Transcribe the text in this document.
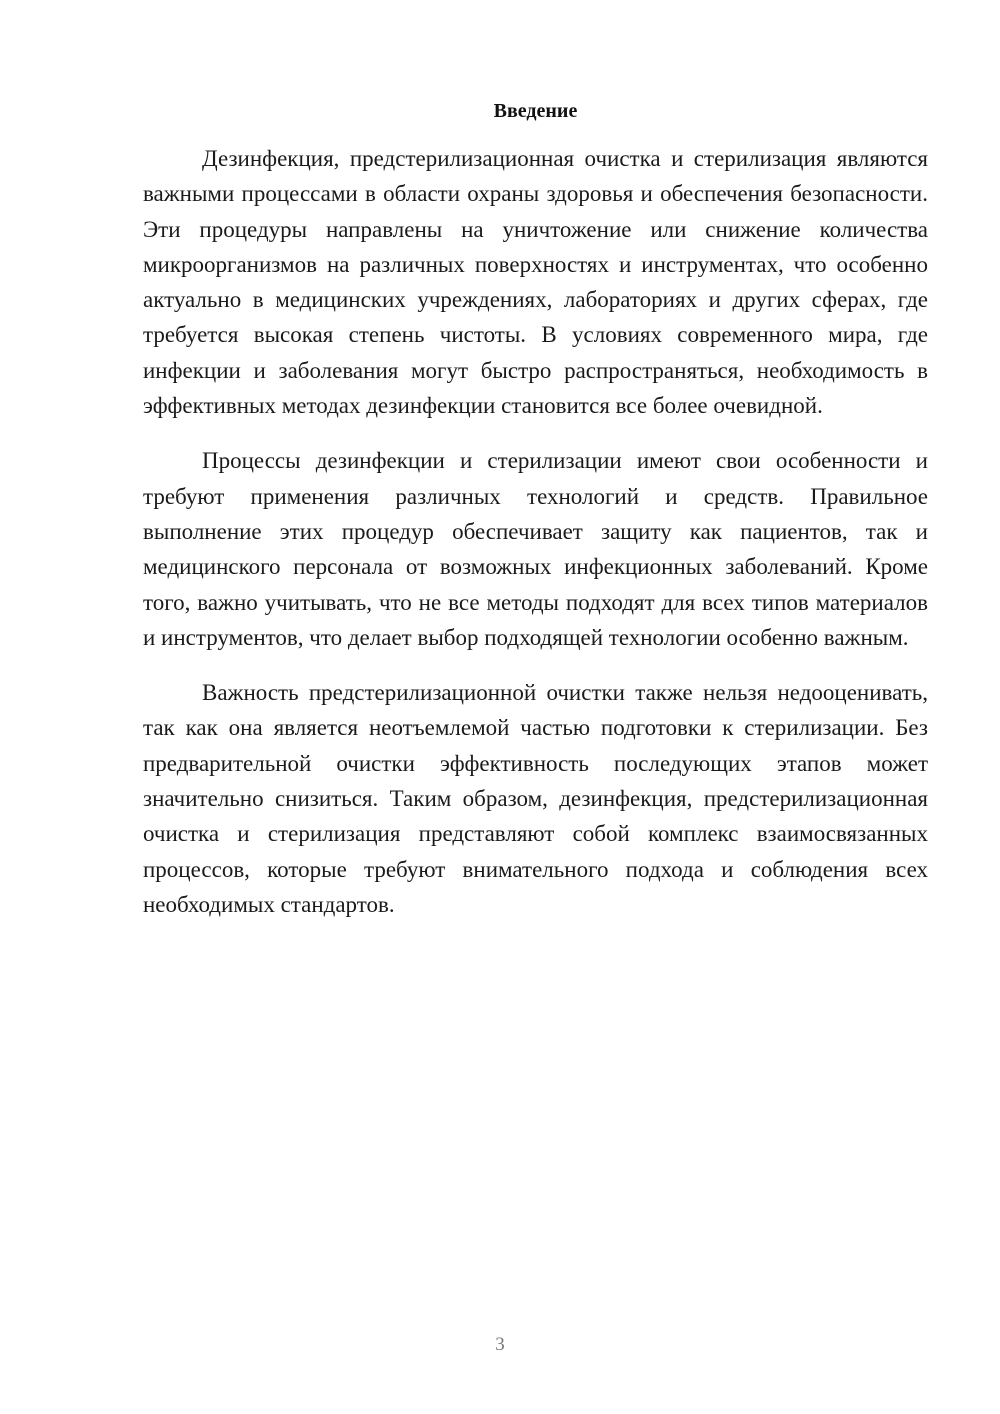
Введение

Дезинфекция, предстерилизационная очистка и стерилизация являются важными процессами в области охраны здоровья и обеспечения безопасности. Эти процедуры направлены на уничтожение или снижение количества микроорганизмов на различных поверхностях и инструментах, что особенно актуально в медицинских учреждениях, лабораториях и других сферах, где требуется высокая степень чистоты. В условиях современного мира, где инфекции и заболевания могут быстро распространяться, необходимость в эффективных методах дезинфекции становится все более очевидной.

Процессы дезинфекции и стерилизации имеют свои особенности и требуют применения различных технологий и средств. Правильное выполнение этих процедур обеспечивает защиту как пациентов, так и медицинского персонала от возможных инфекционных заболеваний. Кроме того, важно учитывать, что не все методы подходят для всех типов материалов и инструментов, что делает выбор подходящей технологии особенно важным.

Важность предстерилизационной очистки также нельзя недооценивать, так как она является неотъемлемой частью подготовки к стерилизации. Без предварительной очистки эффективность последующих этапов может значительно снизиться. Таким образом, дезинфекция, предстерилизационная очистка и стерилизация представляют собой комплекс взаимосвязанных процессов, которые требуют внимательного подхода и соблюдения всех необходимых стандартов.

3
